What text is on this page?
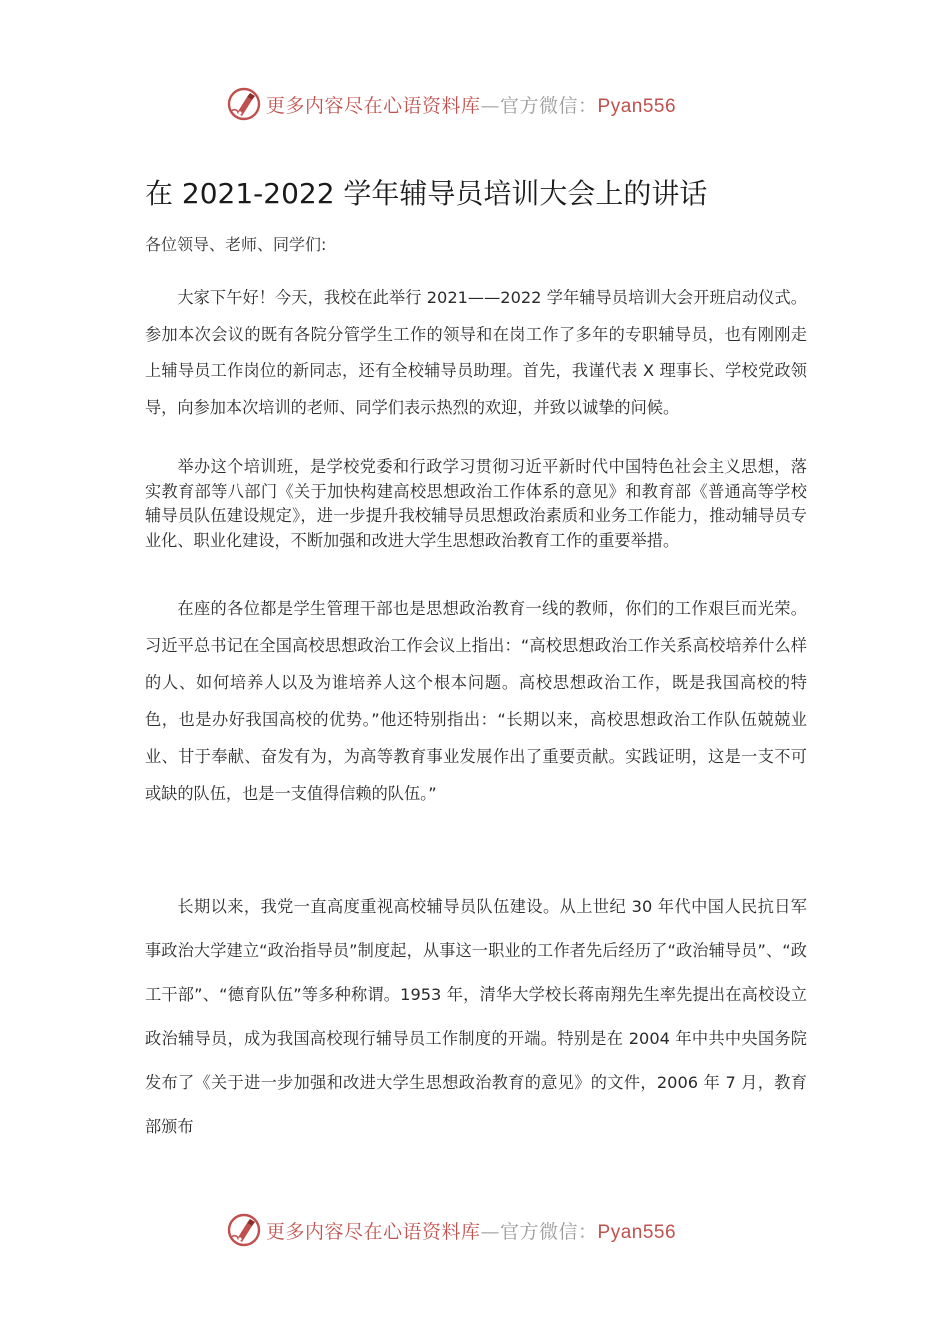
更多内容尽在心语资料库—官方微信：Pyan556
在 2021-2022 学年辅导员培训大会上的讲话
各位领导、老师、同学们:

大家下午好！今天，我校在此举行 2021——2022 学年辅导员培训大会开班启动仪式。参加本次会议的既有各院分管学生工作的领导和在岗工作了多年的专职辅导员，也有刚刚走上辅导员工作岗位的新同志，还有全校辅导员助理。首先，我谨代表 X 理事长、学校党政领导，向参加本次培训的老师、同学们表示热烈的欢迎，并致以诚挚的问候。

举办这个培训班，是学校党委和行政学习贯彻习近平新时代中国特色社会主义思想，落实教育部等八部门《关于加快构建高校思想政治工作体系的意见》和教育部《普通高等学校辅导员队伍建设规定》，进一步提升我校辅导员思想政治素质和业务工作能力，推动辅导员专业化、职业化建设，不断加强和改进大学生思想政治教育工作的重要举措。

在座的各位都是学生管理干部也是思想政治教育一线的教师，你们的工作艰巨而光荣。习近平总书记在全国高校思想政治工作会议上指出：“高校思想政治工作关系高校培养什么样的人、如何培养人以及为谁培养人这个根本问题。高校思想政治工作，既是我国高校的特色，也是办好我国高校的优势。”他还特别指出：“长期以来，高校思想政治工作队伍兢兢业业、甘于奉献、奋发有为，为高等教育事业发展作出了重要贡献。实践证明，这是一支不可或缺的队伍，也是一支值得信赖的队伍。”

长期以来，我党一直高度重视高校辅导员队伍建设。从上世纪 30 年代中国人民抗日军事政治大学建立“政治指导员”制度起，从事这一职业的工作者先后经历了“政治辅导员”、“政工干部”、“德育队伍”等多种称谓。1953 年，清华大学校长蒋南翔先生率先提出在高校设立政治辅导员，成为我国高校现行辅导员工作制度的开端。特别是在 2004 年中共中央国务院发布了《关于进一步加强和改进大学生思想政治教育的意见》的文件，2006 年 7 月，教育部颁布

更多内容尽在心语资料库—官方微信：Pyan556
